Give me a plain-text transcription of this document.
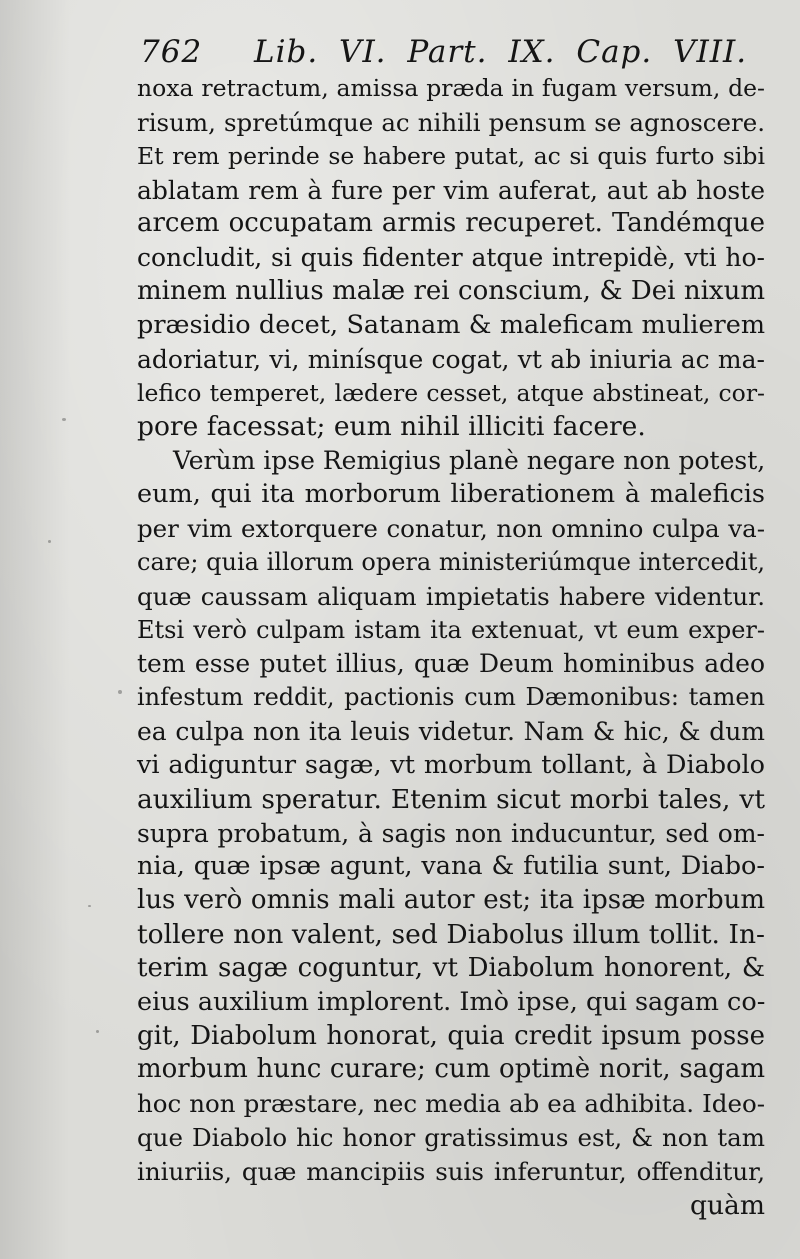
762 Lib. VI. Part. IX. Cap. VIII.
noxa retractum, amissa præda in fugam versum, de-
risum, spretúmque ac nihili pensum se agnoscere.
Et rem perinde se habere putat, ac si quis furto sibi
ablatam rem à fure per vim auferat, aut ab hoste
arcem occupatam armis recuperet. Tandémque
concludit, si quis fidenter atque intrepidè, vti ho-
minem nullius malæ rei conscium, & Dei nixum
præsidio decet, Satanam & maleficam mulierem
adoriatur, vi, minísque cogat, vt ab iniuria ac ma-
lefico temperet, lædere cesset, atque abstineat, cor-
pore facessat; eum nihil illiciti facere.
Verùm ipse Remigius planè negare non potest,
eum, qui ita morborum liberationem à maleficis
per vim extorquere conatur, non omnino culpa va-
care; quia illorum opera ministeriúmque intercedit,
quæ caussam aliquam impietatis habere videntur.
Etsi verò culpam istam ita extenuat, vt eum exper-
tem esse putet illius, quæ Deum hominibus adeo
infestum reddit, pactionis cum Dæmonibus: tamen
ea culpa non ita leuis videtur. Nam & hic, & dum
vi adiguntur sagæ, vt morbum tollant, à Diabolo
auxilium speratur. Etenim sicut morbi tales, vt
supra probatum, à sagis non inducuntur, sed om-
nia, quæ ipsæ agunt, vana & futilia sunt, Diabo-
lus verò omnis mali autor est; ita ipsæ morbum
tollere non valent, sed Diabolus illum tollit. In-
terim sagæ coguntur, vt Diabolum honorent, &
eius auxilium implorent. Imò ipse, qui sagam co-
git, Diabolum honorat, quia credit ipsum posse
morbum hunc curare; cum optimè norit, sagam
hoc non præstare, nec media ab ea adhibita. Ideo-
que Diabolo hic honor gratissimus est, & non tam
iniuriis, quæ mancipiis suis inferuntur, offenditur,
quàm
